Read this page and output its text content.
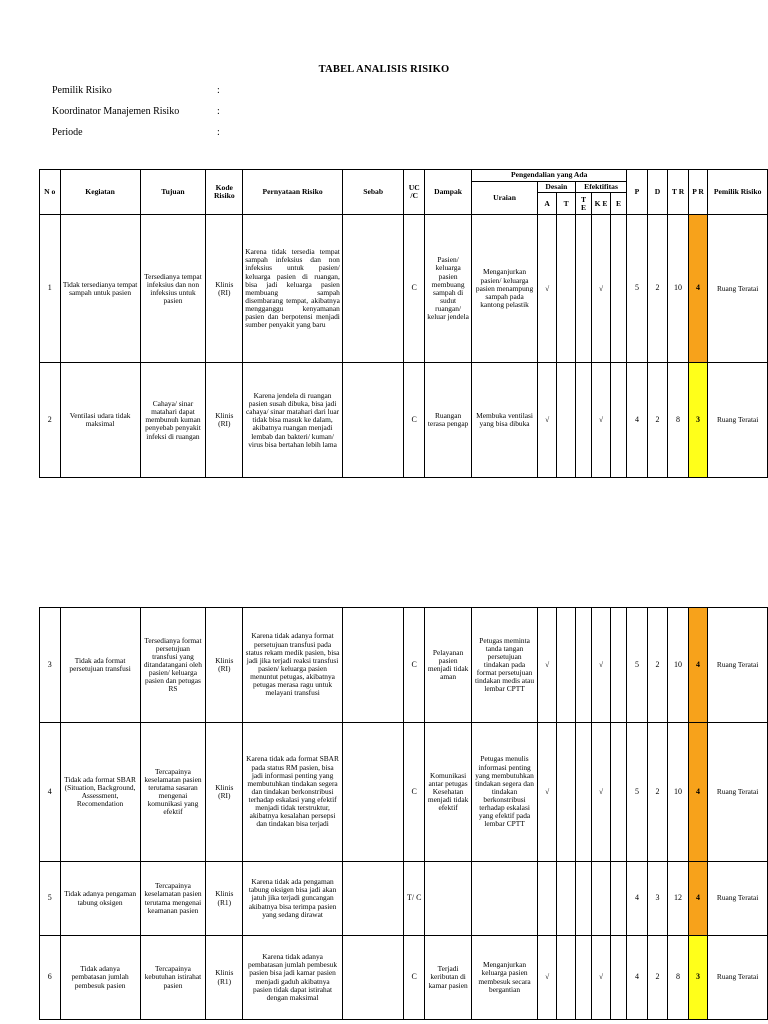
TABEL ANALISIS RISIKO
Pemilik Risiko	:
Koordinator Manajemen Risiko	:
Periode	:
N o	Kegiatan	Tujuan	Kode Risiko	Pernyataan Risiko	Sebab	UC /C	Dampak	Pengendalian yang Ada						P	D	T R	P R	Pemilik Risiko
								Uraian	Desain		Efektifitas							
									A	T	T E	K E	E					
1	Tidak tersedianya tempat sampah untuk pasien	Tersedianya tempat infeksius dan non infeksius untuk pasien	Klinis (RI)	Karena tidak tersedia tempat sampah infeksius dan non infeksius untuk pasien/ keluarga pasien di ruangan, bisa jadi keluarga pasien membuang sampah disembarang tempat, akibatnya mengganggu kenyamanan pasien dan berpotensi menjadi sumber penyakit yang baru		C	Pasien/ keluarga pasien membuang sampah di sudut ruangan/ keluar jendela	Menganjurkan pasien/ keluarga pasien menampung sampah pada kantong pelastik	√			√		5	2	10	4	Ruang Teratai
2	Ventilasi udara tidak maksimal	Cahaya/ sinar matahari dapat membunuh kuman penyebab penyakit infeksi di ruangan	Klinis (RI)	Karena jendela di ruangan pasien susah dibuka, bisa jadi cahaya/ sinar matahari dari luar tidak bisa masuk ke dalam, akibatnya ruangan menjadi lembab dan bakteri/ kuman/ virus bisa bertahan lebih lama		C	Ruangan terasa pengap	Membuka ventilasi yang bisa dibuka	√			√		4	2	8	3	Ruang Teratai
3	Tidak ada format persetujuan transfusi	Tersedianya format persetujuan transfusi yang ditandatangani oleh pasien/ keluarga pasien dan petugas RS	Klinis (RI)	Karena tidak adanya format persetujuan transfusi pada status rekam medik pasien, bisa jadi jika terjadi reaksi transfusi pasien/ keluarga pasien menuntut petugas, akibatnya petugas merasa ragu untuk melayani transfusi		C	Pelayanan pasien menjadi tidak aman	Petugas meminta tanda tangan persetujuan tindakan pada format persetujuan tindakan medis atau lembar CPTT	√			√		5	2	10	4	Ruang Teratai
4	Tidak ada format SBAR (Situation, Background, Assessment, Recomendation	Tercapainya keselamatan pasien terutama sasaran mengenai komunikasi yang efektif	Klinis (RI)	Karena tidak ada format SBAR pada status RM pasien, bisa jadi informasi penting yang membutuhkan tindakan segera dan tindakan berkonstribusi terhadap eskalasi yang efektif menjadi tidak terstruktur, akibatnya kesalahan persepsi dan tindakan bisa terjadi		C	Komunikasi antar petugas Kesehatan menjadi tidak efektif	Petugas menulis informasi penting yang membutuhkan tindakan segera dan tindakan berkonstribusi terhadap eskalasi yang efektif pada lembar CPTT	√			√		5	2	10	4	Ruang Teratai
5	Tidak adanya pengaman tabung oksigen	Tercapainya keselamatan pasien terutama mengenai keamanan pasien	Klinis (R1)	Karena tidak ada pengaman tabung oksigen bisa jadi akan jatuh jika terjadi guncangan akibatnya bisa terimpa pasien yang sedang dirawat		T/ C								4	3	12	4	Ruang Teratai
6	Tidak adanya pembatasan jumlah pembesuk pasien	Tercapainya kebutuhan istirahat pasien	Klinis (R1)	Karena tidak adanya pembatasan jumlah pembesuk pasien bisa jadi kamar pasien menjadi gaduh akibatnya pasien tidak dapat istirahat dengan maksimal		C	Terjadi keributan di kamar pasien	Menganjurkan keluarga pasien membesuk secara bergantian	√			√		4	2	8	3	Ruang Teratai
